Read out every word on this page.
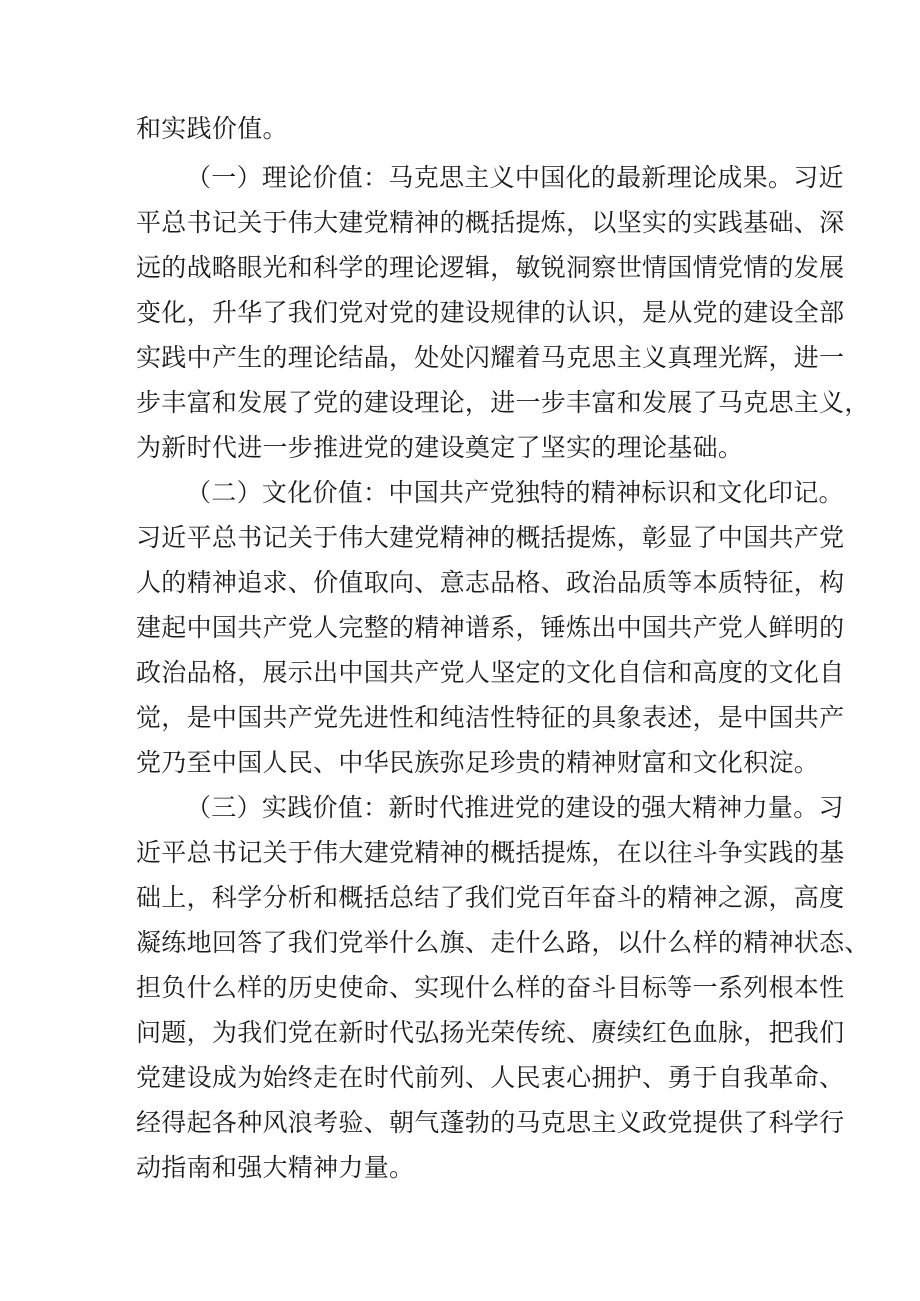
和实践价值。
（一）理论价值：马克思主义中国化的最新理论成果。习近
平总书记关于伟大建党精神的概括提炼，以坚实的实践基础、深
远的战略眼光和科学的理论逻辑，敏锐洞察世情国情党情的发展
变化，升华了我们党对党的建设规律的认识，是从党的建设全部
实践中产生的理论结晶，处处闪耀着马克思主义真理光辉，进一
步丰富和发展了党的建设理论，进一步丰富和发展了马克思主义，
为新时代进一步推进党的建设奠定了坚实的理论基础。
（二）文化价值：中国共产党独特的精神标识和文化印记。
习近平总书记关于伟大建党精神的概括提炼，彰显了中国共产党
人的精神追求、价值取向、意志品格、政治品质等本质特征，构
建起中国共产党人完整的精神谱系，锤炼出中国共产党人鲜明的
政治品格，展示出中国共产党人坚定的文化自信和高度的文化自
觉，是中国共产党先进性和纯洁性特征的具象表述，是中国共产
党乃至中国人民、中华民族弥足珍贵的精神财富和文化积淀。
（三）实践价值：新时代推进党的建设的强大精神力量。习
近平总书记关于伟大建党精神的概括提炼，在以往斗争实践的基
础上，科学分析和概括总结了我们党百年奋斗的精神之源，高度
凝练地回答了我们党举什么旗、走什么路，以什么样的精神状态、
担负什么样的历史使命、实现什么样的奋斗目标等一系列根本性
问题，为我们党在新时代弘扬光荣传统、赓续红色血脉，把我们
党建设成为始终走在时代前列、人民衷心拥护、勇于自我革命、
经得起各种风浪考验、朝气蓬勃的马克思主义政党提供了科学行
动指南和强大精神力量。
